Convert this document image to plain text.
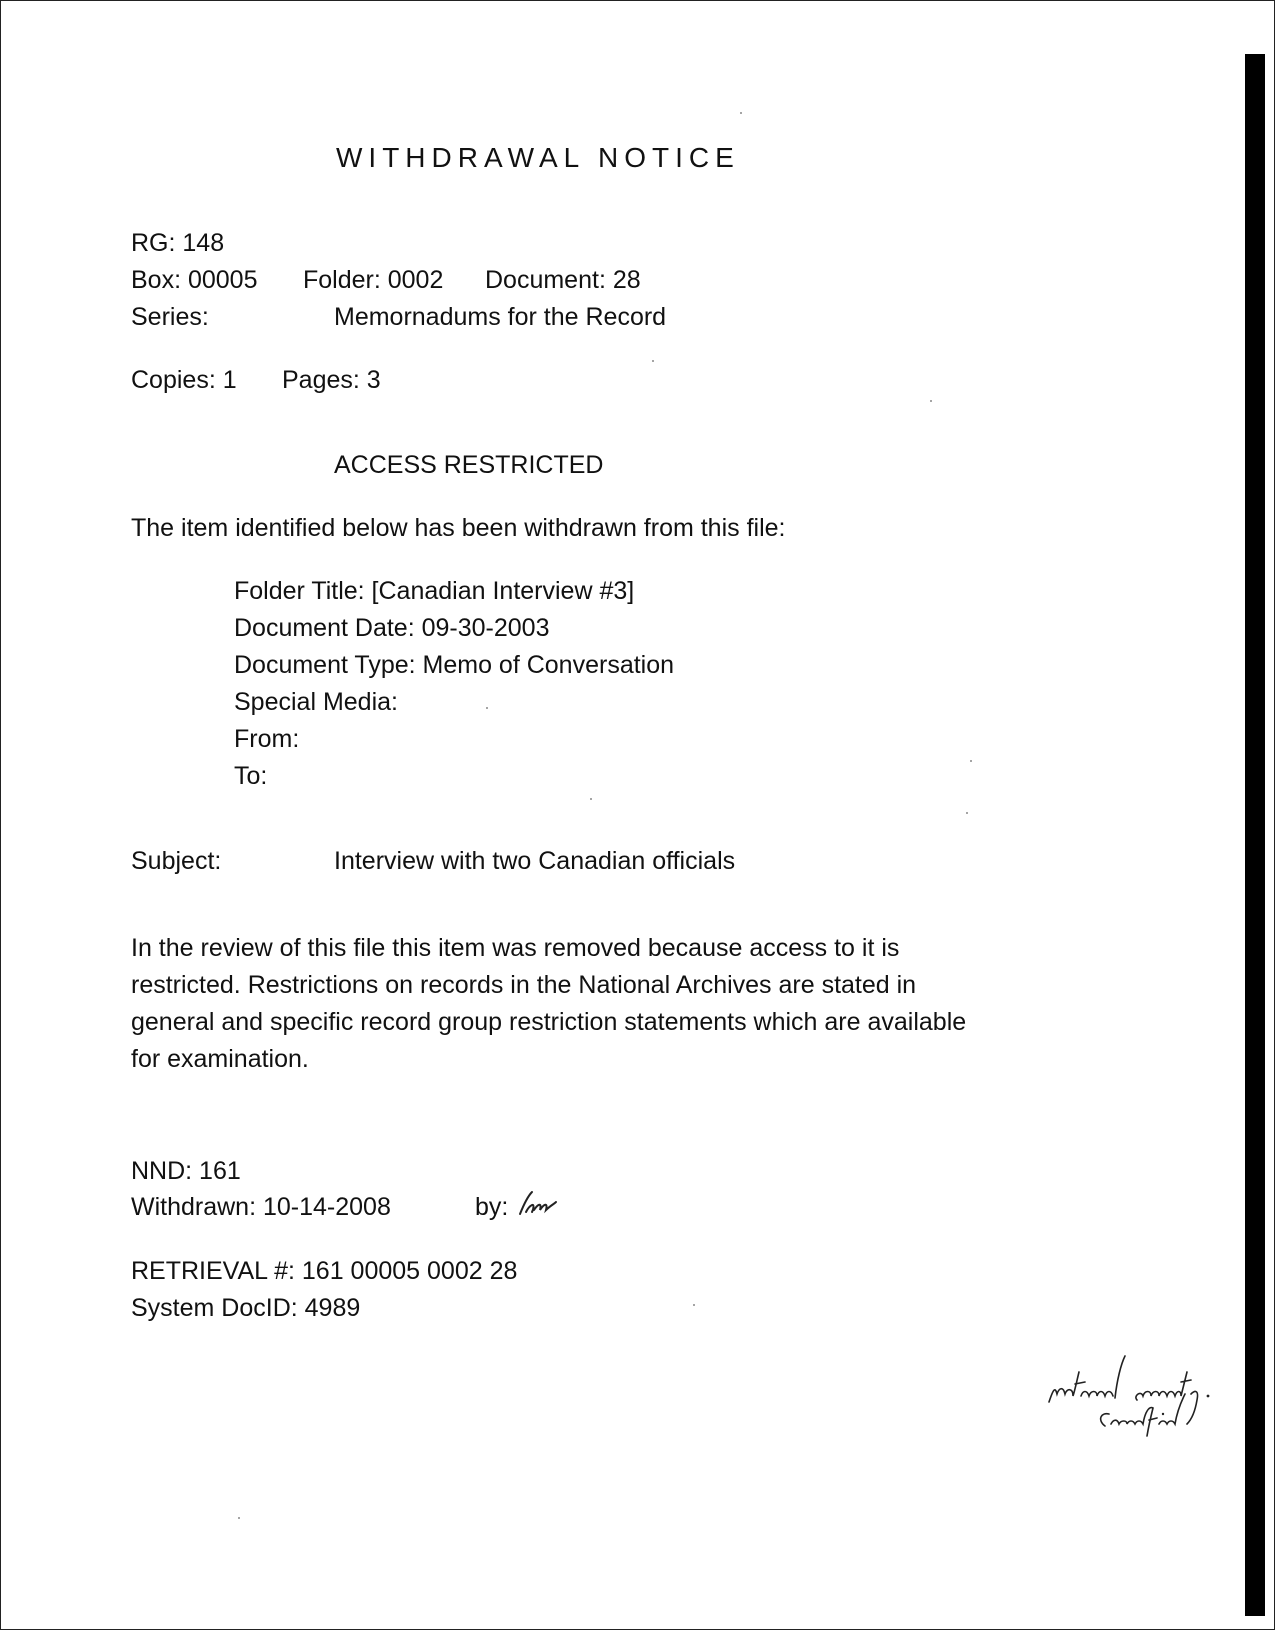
WITHDRAWAL NOTICE
RG: 148
Box: 00005 Folder: 0002 Document: 28
Series:	Memornadums for the Record
Copies: 1 Pages: 3
ACCESS RESTRICTED
The item identified below has been withdrawn from this file:
Folder Title: [Canadian Interview #3]
Document Date: 09-30-2003
Document Type: Memo of Conversation
Special Media:
From:
To:
Subject:	Interview with two Canadian officials
In the review of this file this item was removed because access to it is
restricted. Restrictions on records in the National Archives are stated in
general and specific record group restriction statements which are available
for examination.
NND: 161
Withdrawn: 10-14-2008	by:
RETRIEVAL #: 161 00005 0002 28
System DocID: 4989
